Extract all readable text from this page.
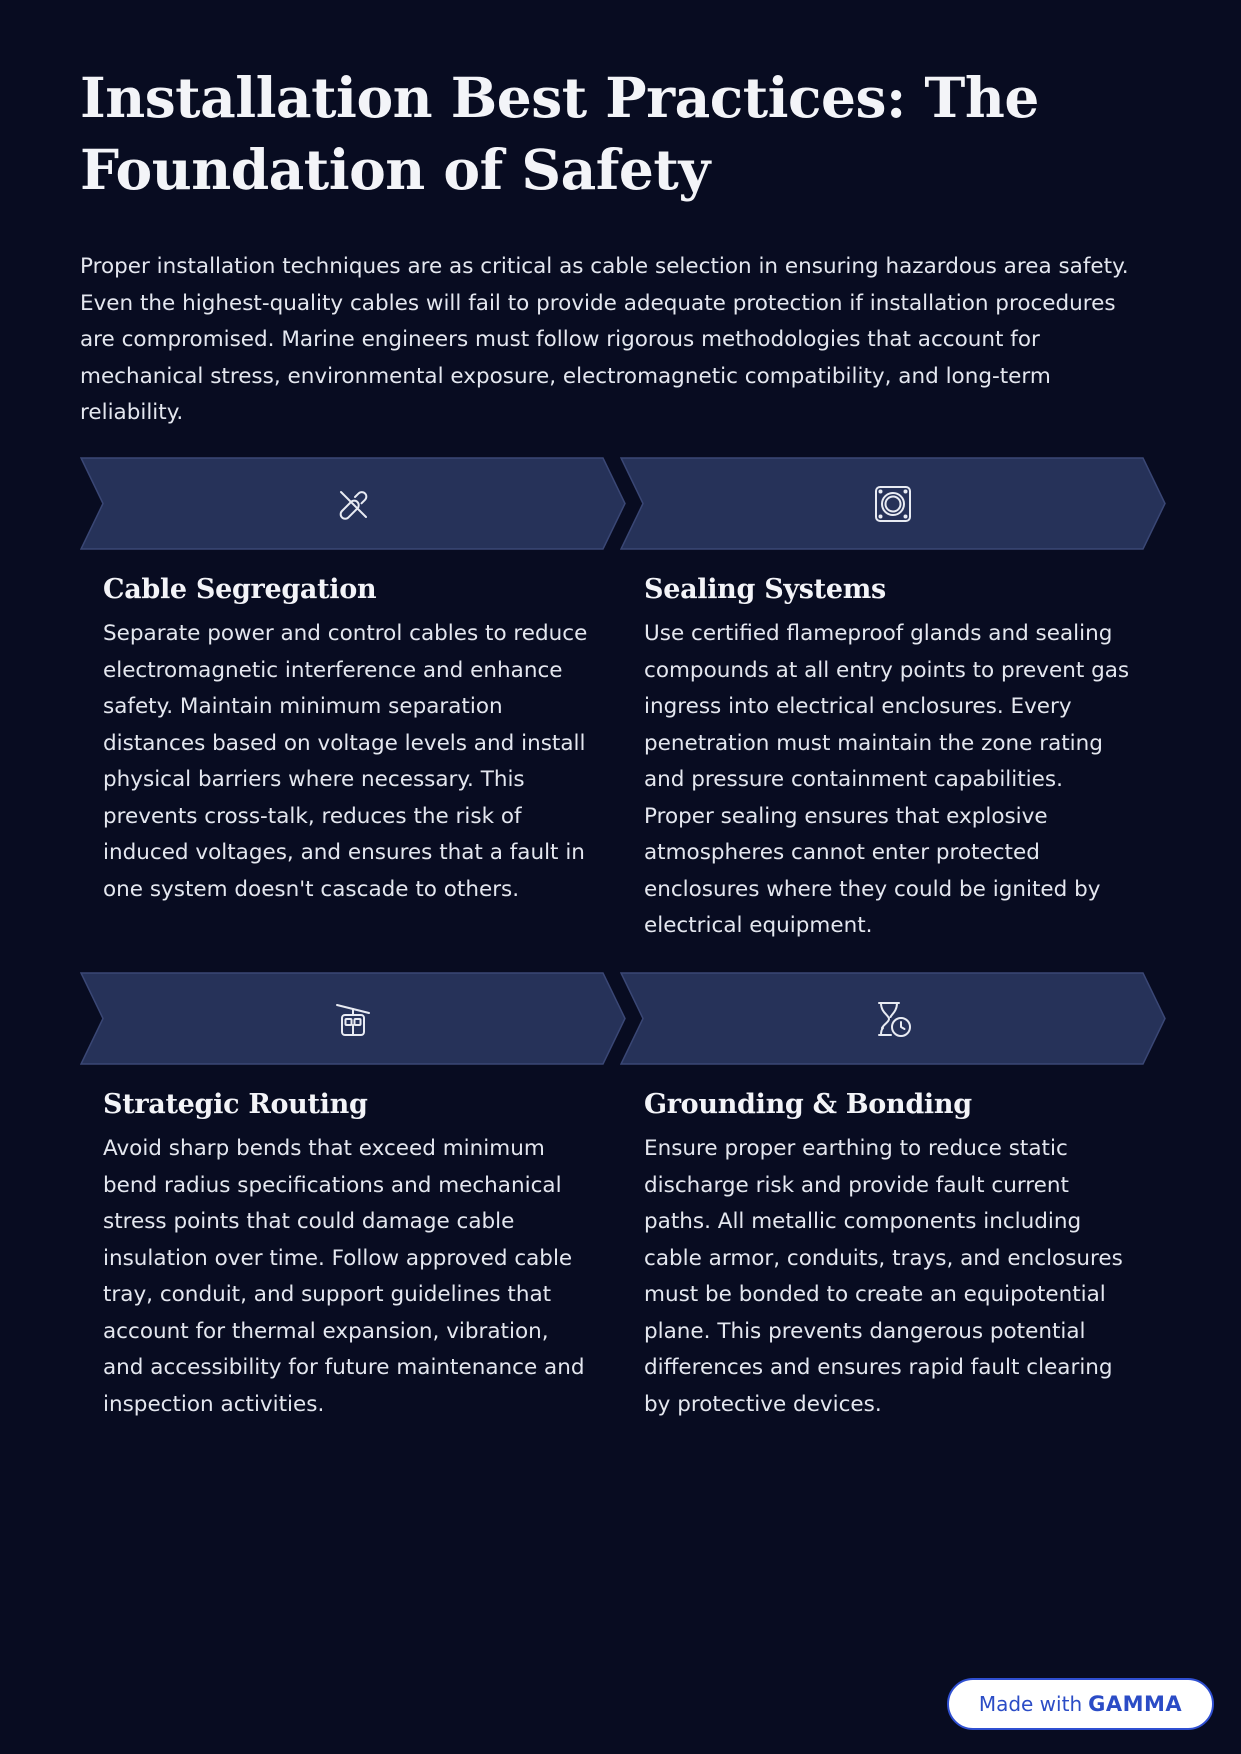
Installation Best Practices: The Foundation of Safety

Proper installation techniques are as critical as cable selection in ensuring hazardous area safety. Even the highest-quality cables will fail to provide adequate protection if installation procedures are compromised. Marine engineers must follow rigorous methodologies that account for mechanical stress, environmental exposure, electromagnetic compatibility, and long-term reliability.

Cable Segregation

Separate power and control cables to reduce electromagnetic interference and enhance safety. Maintain minimum separation distances based on voltage levels and install physical barriers where necessary. This prevents cross-talk, reduces the risk of induced voltages, and ensures that a fault in one system doesn't cascade to others.

Sealing Systems

Use certified flameproof glands and sealing compounds at all entry points to prevent gas ingress into electrical enclosures. Every penetration must maintain the zone rating and pressure containment capabilities. Proper sealing ensures that explosive atmospheres cannot enter protected enclosures where they could be ignited by electrical equipment.

Strategic Routing

Avoid sharp bends that exceed minimum bend radius specifications and mechanical stress points that could damage cable insulation over time. Follow approved cable tray, conduit, and support guidelines that account for thermal expansion, vibration, and accessibility for future maintenance and inspection activities.

Grounding & Bonding

Ensure proper earthing to reduce static discharge risk and provide fault current paths. All metallic components including cable armor, conduits, trays, and enclosures must be bonded to create an equipotential plane. This prevents dangerous potential differences and ensures rapid fault clearing by protective devices.

Made with GAMMA
